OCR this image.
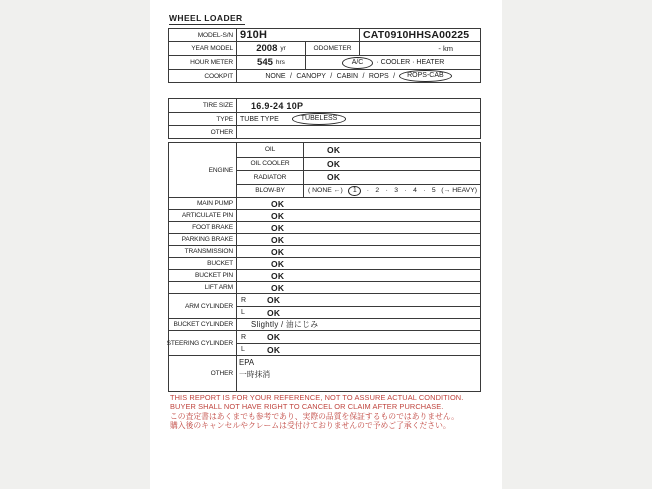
WHEEL LOADER
MODEL-S/N 910H	CAT0910HHSA00225
YEAR MODEL	2008 yr	ODOMETER	- km
HOUR METER	545 hrs	A/C	· COOLER · HEATER
COOKPIT	NONE / CANOPY / CABIN / ROPS /	ROPS-CAB
TIRE SIZE	16.9-24 10P
TYPE	TUBE TYPE	TUBELESS
OTHER
ENGINE
OIL	OK
OIL COOLER	OK
RADIATOR	OK
BLOW-BY	( NONE ←)	1	· 2 · 3 · 4 · 5 (→ HEAVY)
MAIN PUMP	OK
ARTICULATE PIN	OK
FOOT BRAKE	OK
PARKING BRAKE	OK
TRANSMISSION	OK
BUCKET	OK
BUCKET PIN	OK
LIFT ARM	OK
ARM CYLINDER
R	OK
L	OK
BUCKET CYLINDER	Slightly / 油にじみ
STEERING CYLINDER
R	OK
L	OK
OTHER
EPA
一時抹消
THIS REPORT IS FOR YOUR REFERENCE, NOT TO ASSURE ACTUAL CONDITION.
BUYER SHALL NOT HAVE RIGHT TO CANCEL OR CLAIM AFTER PURCHASE.
この査定書はあくまでも参考であり、実際の品質を保証するものではありません。
購入後のキャンセルやクレームは受付けておりませんので予めご了承ください。
